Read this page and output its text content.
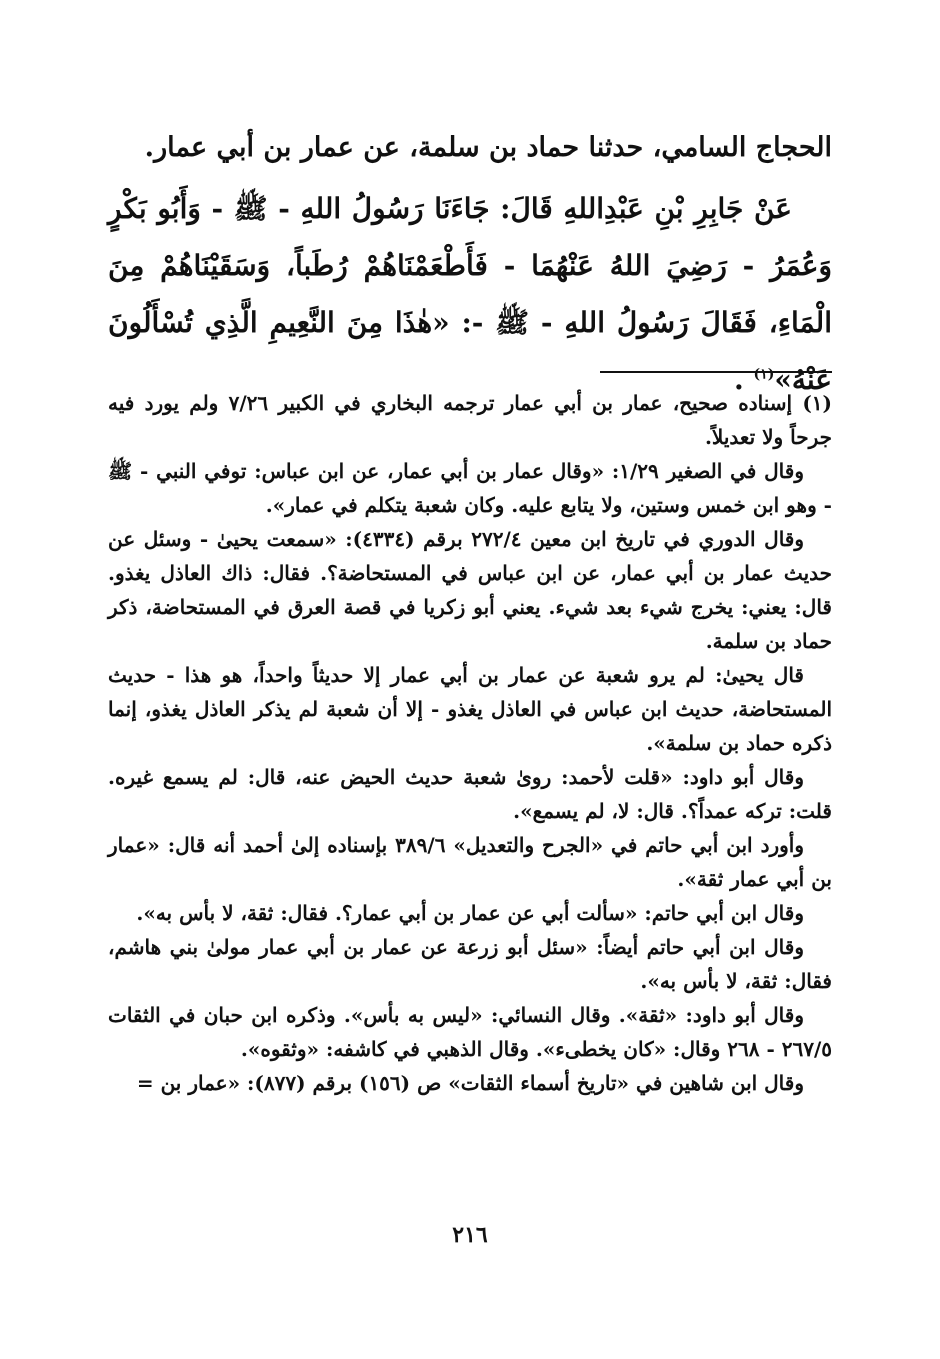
الحجاج السامي، حدثنا حماد بن سلمة، عن عمار بن أبي عمار.
عَنْ جَابِرِ بْنِ عَبْدِاللهِ قَالَ: جَاءَنَا رَسُولُ اللهِ - ﷺ - وَأَبُو بَكْرٍ وَعُمَرُ - رَضِيَ اللهُ عَنْهُمَا - فَأَطْعَمْنَاهُمْ رُطَباً، وَسَقَيْنَاهُمْ مِنَ الْمَاءِ، فَقَالَ رَسُولُ اللهِ - ﷺ -: «هٰذَا مِنَ النَّعِيمِ الَّذِي تُسْأَلُونَ عَنْهُ»$^{(١)}$ .

(١) إسناده صحيح، عمار بن أبي عمار ترجمه البخاري في الكبير ٧/٢٦ ولم يورد فيه جرحاً ولا تعديلاً.

وقال في الصغير ١/٢٩: «وقال عمار بن أبي عمار، عن ابن عباس: توفي النبي - ﷺ - وهو ابن خمس وستين، ولا يتابع عليه. وكان شعبة يتكلم في عمار».

وقال الدوري في تاريخ ابن معين ٢٧٢/٤ برقم (٤٣٣٤): «سمعت يحيىٰ - وسئل عن حديث عمار بن أبي عمار، عن ابن عباس في المستحاضة؟. فقال: ذاك العاذل يغذو. قال: يعني: يخرج شيء بعد شيء. يعني أبو زكريا في قصة العرق في المستحاضة، ذكر حماد بن سلمة.

قال يحيىٰ: لم يرو شعبة عن عمار بن أبي عمار إلا حديثاً واحداً، هو هذا - حديث المستحاضة، حديث ابن عباس في العاذل يغذو - إلا أن شعبة لم يذكر العاذل يغذو، إنما ذكره حماد بن سلمة».

وقال أبو داود: «قلت لأحمد: روىٰ شعبة حديث الحيض عنه، قال: لم يسمع غيره. قلت: تركه عمداً؟. قال: لا، لم يسمع».

وأورد ابن أبي حاتم في «الجرح والتعديل» ٣٨٩/٦ بإسناده إلىٰ أحمد أنه قال: «عمار بن أبي عمار ثقة».

وقال ابن أبي حاتم: «سألت أبي عن عمار بن أبي عمار؟. فقال: ثقة، لا بأس به».

وقال ابن أبي حاتم أيضاً: «سئل أبو زرعة عن عمار بن أبي عمار مولىٰ بني هاشم، فقال: ثقة، لا بأس به».

وقال أبو داود: «ثقة». وقال النسائي: «ليس به بأس». وذكره ابن حبان في الثقات ٢٦٧/٥ - ٢٦٨ وقال: «كان يخطىء». وقال الذهبي في كاشفه: «وثقوه».

وقال ابن شاهين في «تاريخ أسماء الثقات» ص (١٥٦) برقم (٨٧٧): «عمار بن =

٢١٦
